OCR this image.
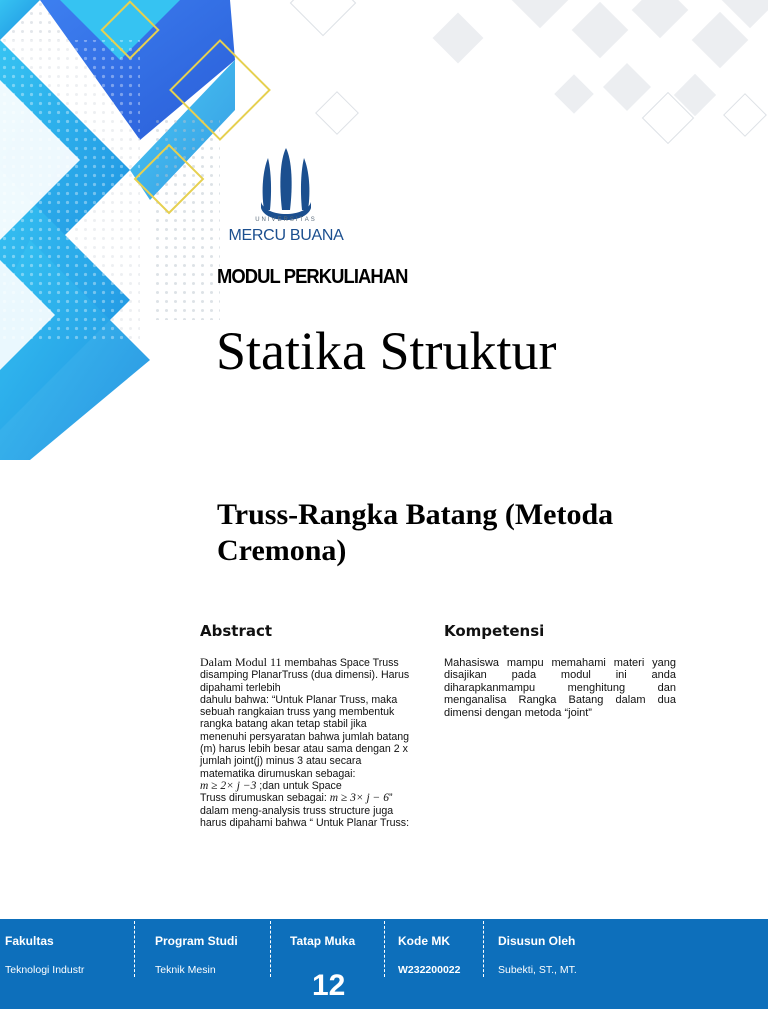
UNIVERSITAS
MERCU BUANA
MODUL PERKULIAHAN
Statika Struktur
Truss-Rangka Batang (Metoda Cremona)
Abstract
Dalam Modul 11 membahas Space Truss
disamping PlanarTruss (dua dimensi). Harus
dipahami terlebih
dahulu bahwa: “Untuk Planar Truss, maka
sebuah rangkaian truss yang membentuk
rangka batang akan tetap stabil jika
menenuhi persyaratan bahwa jumlah batang
(m) harus lebih besar atau sama dengan 2 x
jumlah joint(j) minus 3 atau secara
matematika dirumuskan sebagai:
m ≥ 2× j −3 ;dan untuk Space
Truss dirumuskan sebagai: m ≥ 3× j − 6”
dalam meng-analysis truss structure juga
harus dipahami bahwa “ Untuk Planar Truss:
Kompetensi
Mahasiswa mampu memahami materi yang disajikan pada modul ini anda diharapkanmampu menghitung dan menganalisa Rangka Batang dalam dua dimensi dengan metoda “joint”
Fakultas
Teknologi Industr
Program Studi
Teknik Mesin
Tatap Muka
12
Kode MK
W232200022
Disusun Oleh
Subekti, ST., MT.
